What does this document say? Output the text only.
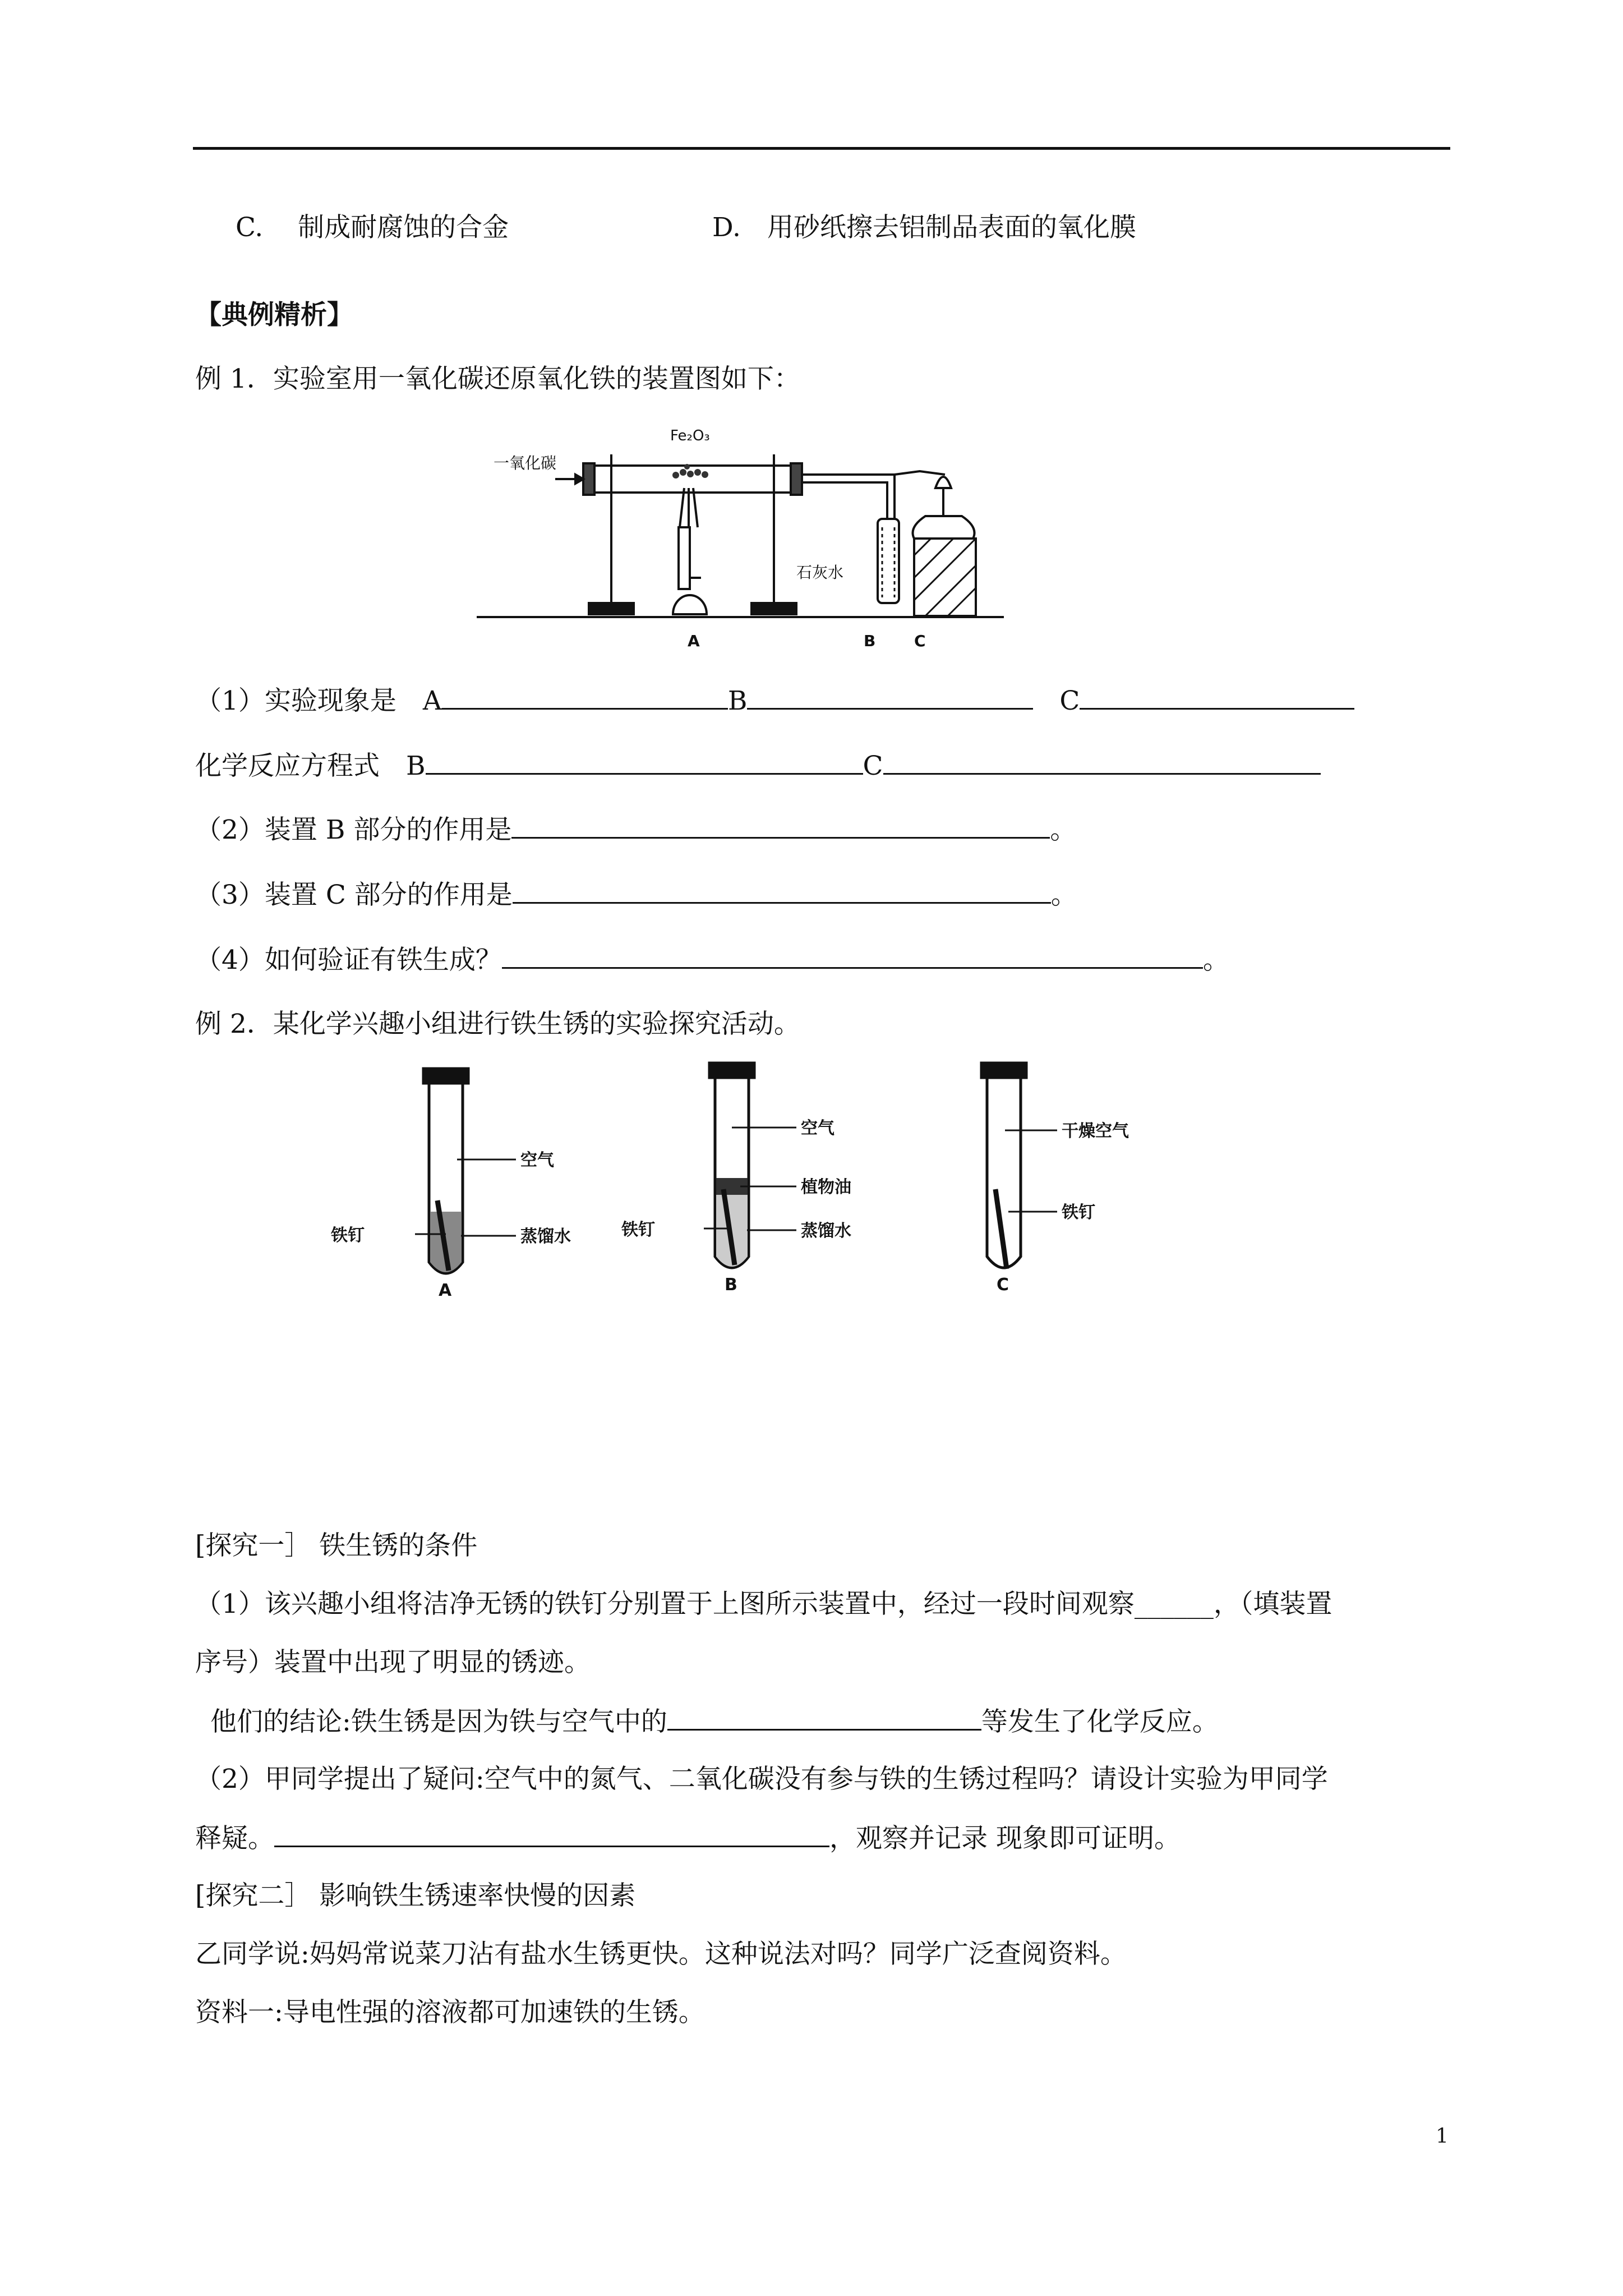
C.　 制成耐腐蚀的合金	D.　用砂纸擦去铝制品表面的氧化膜
【典例精析】
例 1．实验室用一氧化碳还原氧化铁的装置图如下：
一氧化碳
Fe₂O₃
石灰水
A	B C
（1）实验现象是　A	B　	C
化学反应方程式　B	C
（2）装置 B 部分的作用是	。
（3）装置 C 部分的作用是	。
（4）如何验证有铁生成？	。
例 2．某化学兴趣小组进行铁生锈的实验探究活动。
空气
铁钉	蒸馏水
A
空气
植物油
铁钉	蒸馏水
B
干燥空气
铁钉
C
[探究一］ 铁生锈的条件
（1）该兴趣小组将洁净无锈的铁钉分别置于上图所示装置中，经过一段时间观察______，（填装置
序号）装置中出现了明显的锈迹。
他们的结论:铁生锈是因为铁与空气中的	等发生了化学反应。
（2）甲同学提出了疑问:空气中的氮气、二氧化碳没有参与铁的生锈过程吗？请设计实验为甲同学
释疑。	，观察并记录 现象即可证明。
[探究二］ 影响铁生锈速率快慢的因素
乙同学说:妈妈常说菜刀沾有盐水生锈更快。这种说法对吗？同学广泛查阅资料。
资料一:导电性强的溶液都可加速铁的生锈。
1
